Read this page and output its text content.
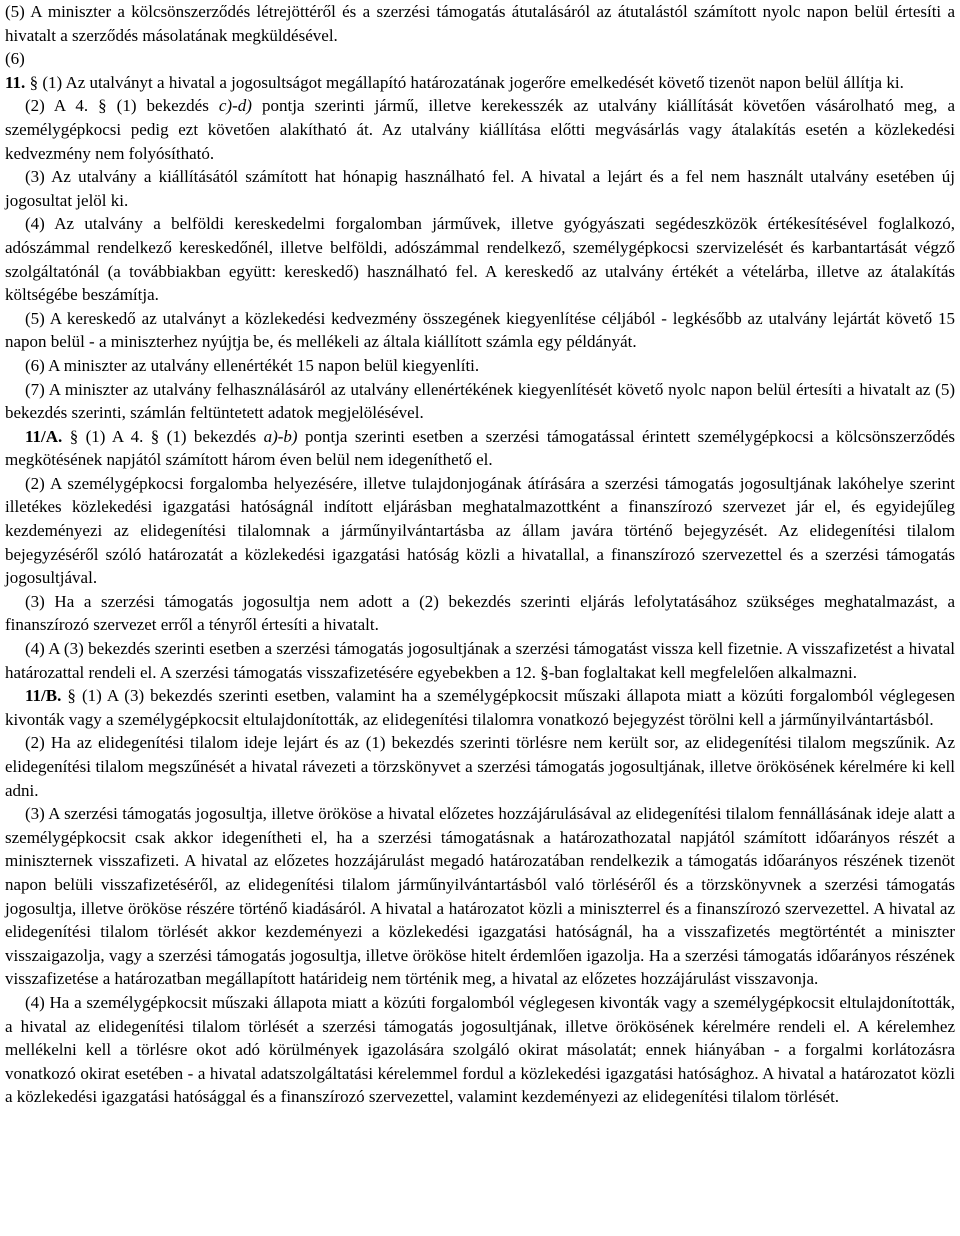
(5) A miniszter a kölcsönszerződés létrejöttéről és a szerzési támogatás átutalásáról az átutalástól számított nyolc napon belül értesíti a hivatalt a szerződés másolatának megküldésével.

(6)

11. § (1) Az utalványt a hivatal a jogosultságot megállapító határozatának jogerőre emelkedését követő tizenöt napon belül állítja ki.

(2) A 4. § (1) bekezdés c)-d) pontja szerinti jármű, illetve kerekesszék az utalvány kiállítását követően vásárolható meg, a személygépkocsi pedig ezt követően alakítható át. Az utalvány kiállítása előtti megvásárlás vagy átalakítás esetén a közlekedési kedvezmény nem folyósítható.

(3) Az utalvány a kiállításától számított hat hónapig használható fel. A hivatal a lejárt és a fel nem használt utalvány esetében új jogosultat jelöl ki.

(4) Az utalvány a belföldi kereskedelmi forgalomban járművek, illetve gyógyászati segédeszközök értékesítésével foglalkozó, adószámmal rendelkező kereskedőnél, illetve belföldi, adószámmal rendelkező, személygépkocsi szervizelését és karbantartását végző szolgáltatónál (a továbbiakban együtt: kereskedő) használható fel. A kereskedő az utalvány értékét a vételárba, illetve az átalakítás költségébe beszámítja.

(5) A kereskedő az utalványt a közlekedési kedvezmény összegének kiegyenlítése céljából - legkésőbb az utalvány lejártát követő 15 napon belül - a miniszterhez nyújtja be, és mellékeli az általa kiállított számla egy példányát.

(6) A miniszter az utalvány ellenértékét 15 napon belül kiegyenlíti.

(7) A miniszter az utalvány felhasználásáról az utalvány ellenértékének kiegyenlítését követő nyolc napon belül értesíti a hivatalt az (5) bekezdés szerinti, számlán feltüntetett adatok megjelölésével.

11/A. § (1) A 4. § (1) bekezdés a)-b) pontja szerinti esetben a szerzési támogatással érintett személygépkocsi a kölcsönszerződés megkötésének napjától számított három éven belül nem idegeníthető el.

(2) A személygépkocsi forgalomba helyezésére, illetve tulajdonjogának átírására a szerzési támogatás jogosultjának lakóhelye szerint illetékes közlekedési igazgatási hatóságnál indított eljárásban meghatalmazottként a finanszírozó szervezet jár el, és egyidejűleg kezdeményezi az elidegenítési tilalomnak a járműnyilvántartásba az állam javára történő bejegyzését. Az elidegenítési tilalom bejegyzéséről szóló határozatát a közlekedési igazgatási hatóság közli a hivatallal, a finanszírozó szervezettel és a szerzési támogatás jogosultjával.

(3) Ha a szerzési támogatás jogosultja nem adott a (2) bekezdés szerinti eljárás lefolytatásához szükséges meghatalmazást, a finanszírozó szervezet erről a tényről értesíti a hivatalt.

(4) A (3) bekezdés szerinti esetben a szerzési támogatás jogosultjának a szerzési támogatást vissza kell fizetnie. A visszafizetést a hivatal határozattal rendeli el. A szerzési támogatás visszafizetésére egyebekben a 12. §-ban foglaltakat kell megfelelően alkalmazni.

11/B. § (1) A (3) bekezdés szerinti esetben, valamint ha a személygépkocsit műszaki állapota miatt a közúti forgalomból véglegesen kivonták vagy a személygépkocsit eltulajdonították, az elidegenítési tilalomra vonatkozó bejegyzést törölni kell a járműnyilvántartásból.

(2) Ha az elidegenítési tilalom ideje lejárt és az (1) bekezdés szerinti törlésre nem került sor, az elidegenítési tilalom megszűnik. Az elidegenítési tilalom megszűnését a hivatal rávezeti a törzskönyvet a szerzési támogatás jogosultjának, illetve örökösének kérelmére ki kell adni.

(3) A szerzési támogatás jogosultja, illetve örököse a hivatal előzetes hozzájárulásával az elidegenítési tilalom fennállásának ideje alatt a személygépkocsit csak akkor idegenítheti el, ha a szerzési támogatásnak a határozathozatal napjától számított időarányos részét a miniszternek visszafizeti. A hivatal az előzetes hozzájárulást megadó határozatában rendelkezik a támogatás időarányos részének tizenöt napon belüli visszafizetéséről, az elidegenítési tilalom járműnyilvántartásból való törléséről és a törzskönyvnek a szerzési támogatás jogosultja, illetve örököse részére történő kiadásáról. A hivatal a határozatot közli a miniszterrel és a finanszírozó szervezettel. A hivatal az elidegenítési tilalom törlését akkor kezdeményezi a közlekedési igazgatási hatóságnál, ha a visszafizetés megtörténtét a miniszter visszaigazolja, vagy a szerzési támogatás jogosultja, illetve örököse hitelt érdemlően igazolja. Ha a szerzési támogatás időarányos részének visszafizetése a határozatban megállapított határideig nem történik meg, a hivatal az előzetes hozzájárulást visszavonja.

(4) Ha a személygépkocsit műszaki állapota miatt a közúti forgalomból véglegesen kivonták vagy a személygépkocsit eltulajdonították, a hivatal az elidegenítési tilalom törlését a szerzési támogatás jogosultjának, illetve örökösének kérelmére rendeli el. A kérelemhez mellékelni kell a törlésre okot adó körülmények igazolására szolgáló okirat másolatát; ennek hiányában - a forgalmi korlátozásra vonatkozó okirat esetében - a hivatal adatszolgáltatási kérelemmel fordul a közlekedési igazgatási hatósághoz. A hivatal a határozatot közli a közlekedési igazgatási hatósággal és a finanszírozó szervezettel, valamint kezdeményezi az elidegenítési tilalom törlését.
